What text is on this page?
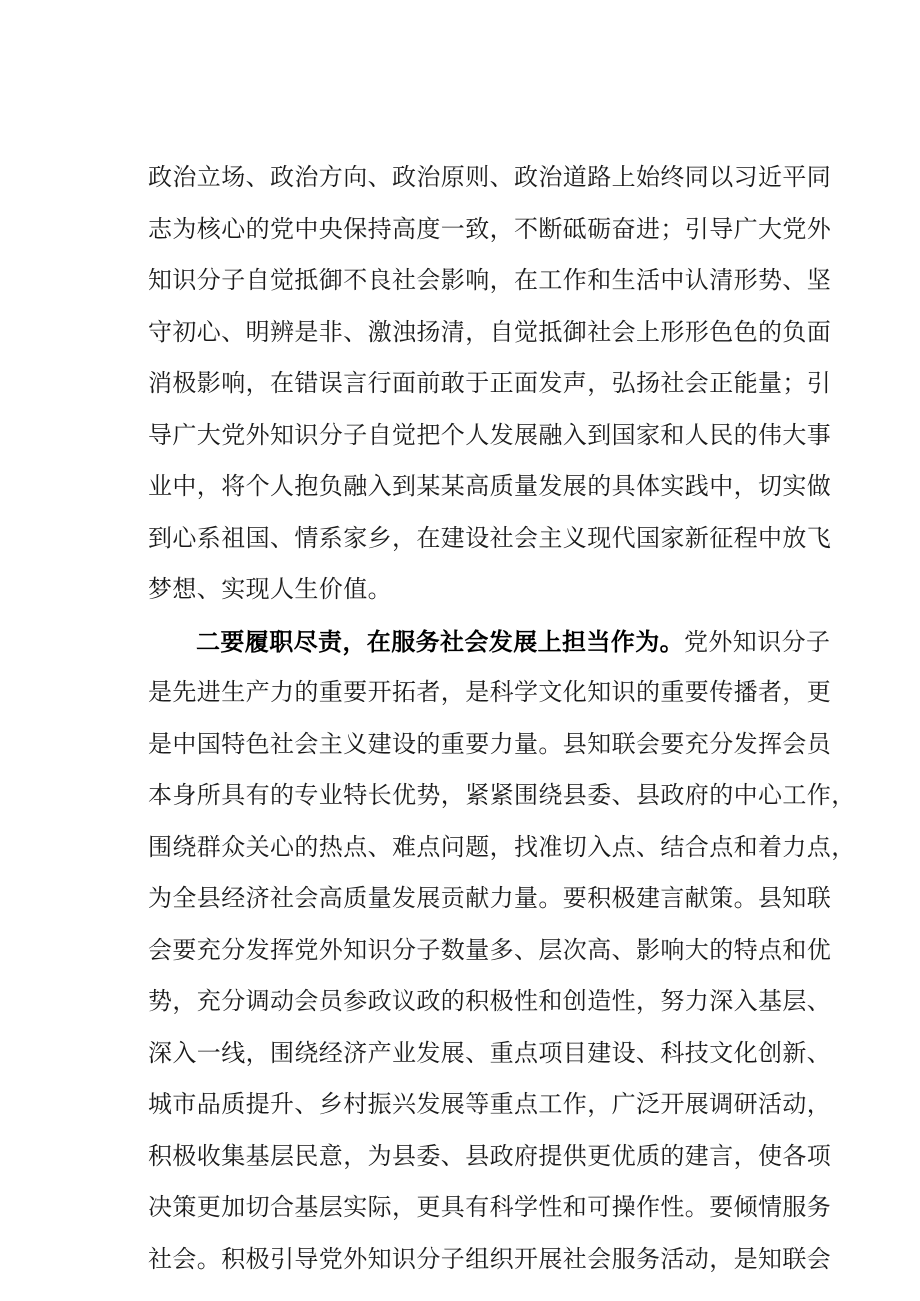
政治立场、政治方向、政治原则、政治道路上始终同以习近平同
志为核心的党中央保持高度一致，不断砥砺奋进；引导广大党外
知识分子自觉抵御不良社会影响，在工作和生活中认清形势、坚
守初心、明辨是非、激浊扬清，自觉抵御社会上形形色色的负面
消极影响，在错误言行面前敢于正面发声，弘扬社会正能量；引
导广大党外知识分子自觉把个人发展融入到国家和人民的伟大事
业中，将个人抱负融入到某某高质量发展的具体实践中，切实做
到心系祖国、情系家乡，在建设社会主义现代国家新征程中放飞
梦想、实现人生价值。
二要履职尽责，在服务社会发展上担当作为。党外知识分子
是先进生产力的重要开拓者，是科学文化知识的重要传播者，更
是中国特色社会主义建设的重要力量。县知联会要充分发挥会员
本身所具有的专业特长优势，紧紧围绕县委、县政府的中心工作，
围绕群众关心的热点、难点问题，找准切入点、结合点和着力点，
为全县经济社会高质量发展贡献力量。要积极建言献策。县知联
会要充分发挥党外知识分子数量多、层次高、影响大的特点和优
势，充分调动会员参政议政的积极性和创造性，努力深入基层、
深入一线，围绕经济产业发展、重点项目建设、科技文化创新、
城市品质提升、乡村振兴发展等重点工作，广泛开展调研活动，
积极收集基层民意，为县委、县政府提供更优质的建言，使各项
决策更加切合基层实际，更具有科学性和可操作性。要倾情服务
社会。积极引导党外知识分子组织开展社会服务活动，是知联会
